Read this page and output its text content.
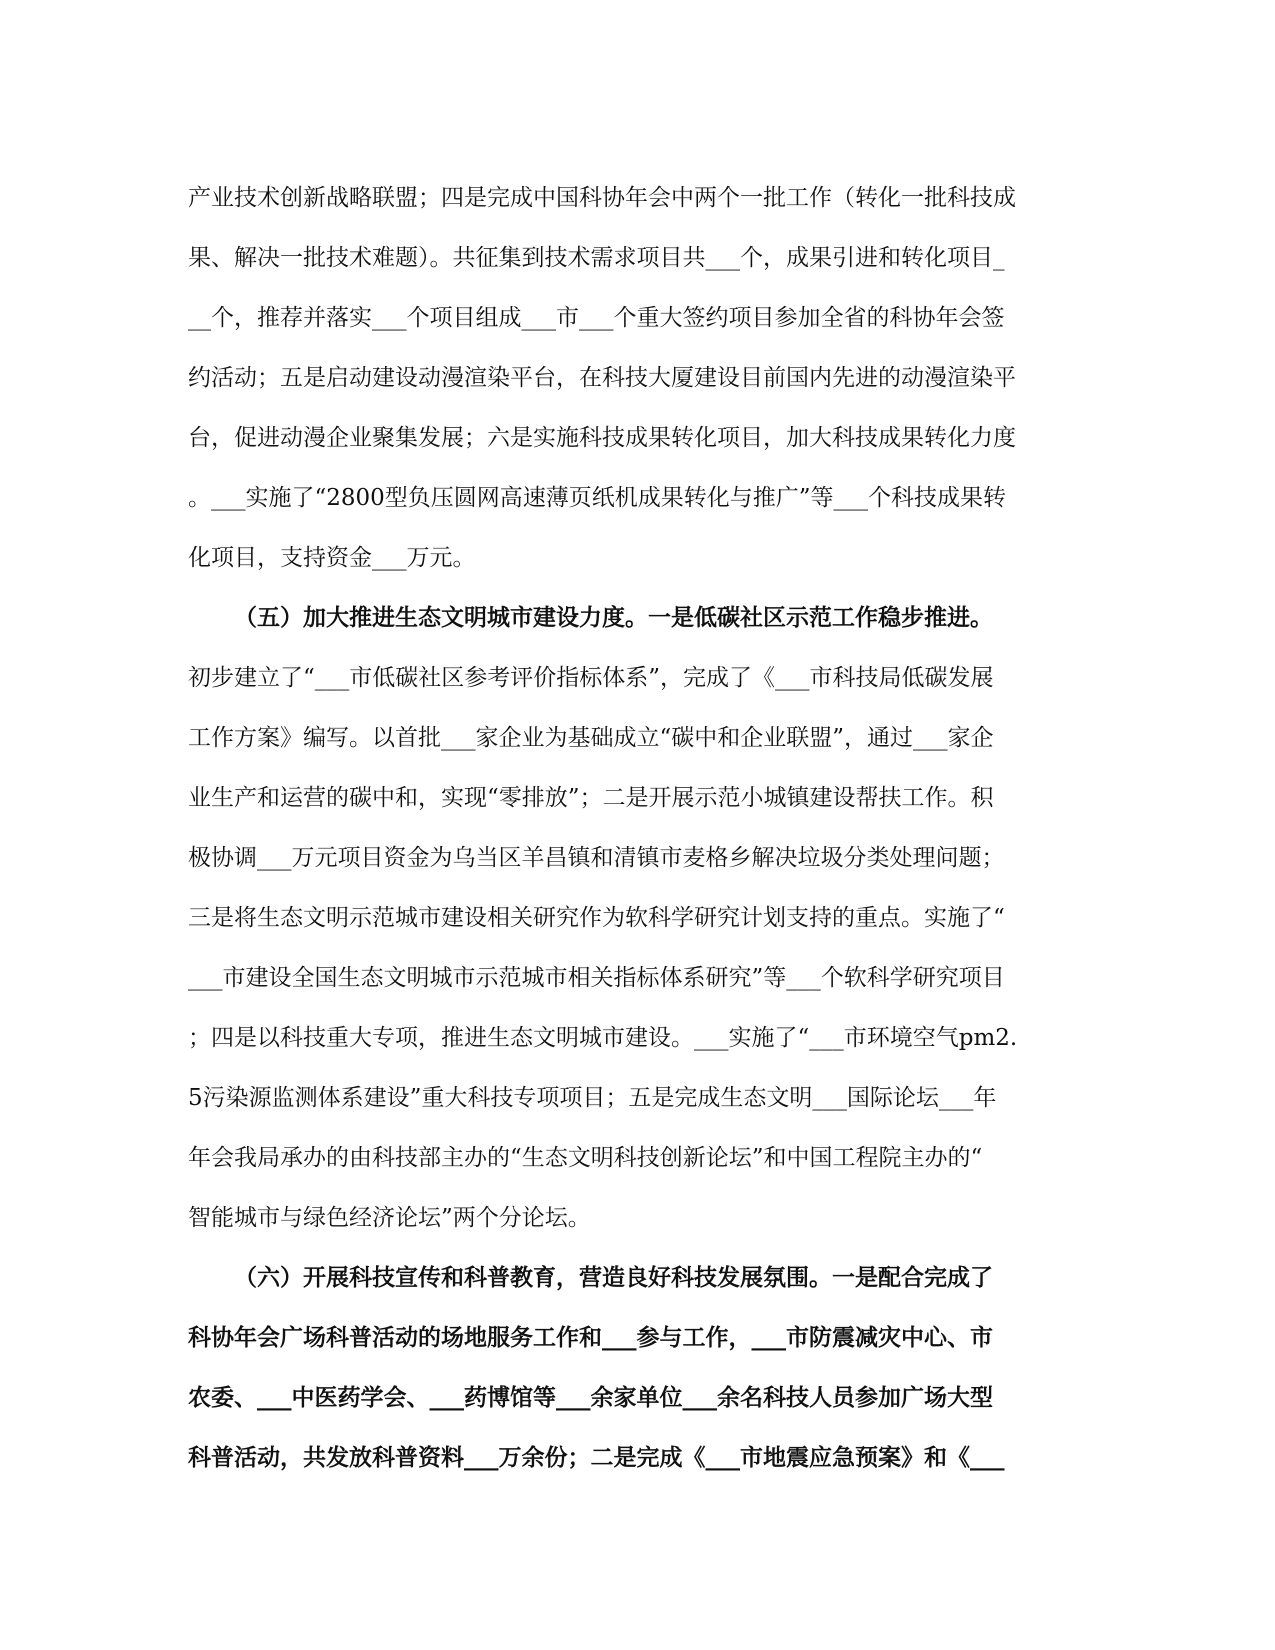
产业技术创新战略联盟；四是完成中国科协年会中两个一批工作（转化一批科技成
果、解决一批技术难题）。共征集到技术需求项目共___个，成果引进和转化项目_
__个，推荐并落实___个项目组成___市___个重大签约项目参加全省的科协年会签
约活动；五是启动建设动漫渲染平台，在科技大厦建设目前国内先进的动漫渲染平
台，促进动漫企业聚集发展；六是实施科技成果转化项目，加大科技成果转化力度
。___实施了“2800型负压圆网高速薄页纸机成果转化与推广”等___个科技成果转
化项目，支持资金___万元。
（五）加大推进生态文明城市建设力度。一是低碳社区示范工作稳步推进。
初步建立了“___市低碳社区参考评价指标体系”，完成了《___市科技局低碳发展
工作方案》编写。以首批___家企业为基础成立“碳中和企业联盟”，通过___家企
业生产和运营的碳中和，实现“零排放”；二是开展示范小城镇建设帮扶工作。积
极协调___万元项目资金为乌当区羊昌镇和清镇市麦格乡解决垃圾分类处理问题；
三是将生态文明示范城市建设相关研究作为软科学研究计划支持的重点。实施了“
___市建设全国生态文明城市示范城市相关指标体系研究”等___个软科学研究项目
；四是以科技重大专项，推进生态文明城市建设。___实施了“___市环境空气pm2.
5污染源监测体系建设”重大科技专项项目；五是完成生态文明___国际论坛___年
年会我局承办的由科技部主办的“生态文明科技创新论坛”和中国工程院主办的“
智能城市与绿色经济论坛”两个分论坛。
（六）开展科技宣传和科普教育，营造良好科技发展氛围。一是配合完成了
科协年会广场科普活动的场地服务工作和___参与工作，___市防震减灾中心、市
农委、___中医药学会、___药博馆等___余家单位___余名科技人员参加广场大型
科普活动，共发放科普资料___万余份；二是完成《___市地震应急预案》和《___
